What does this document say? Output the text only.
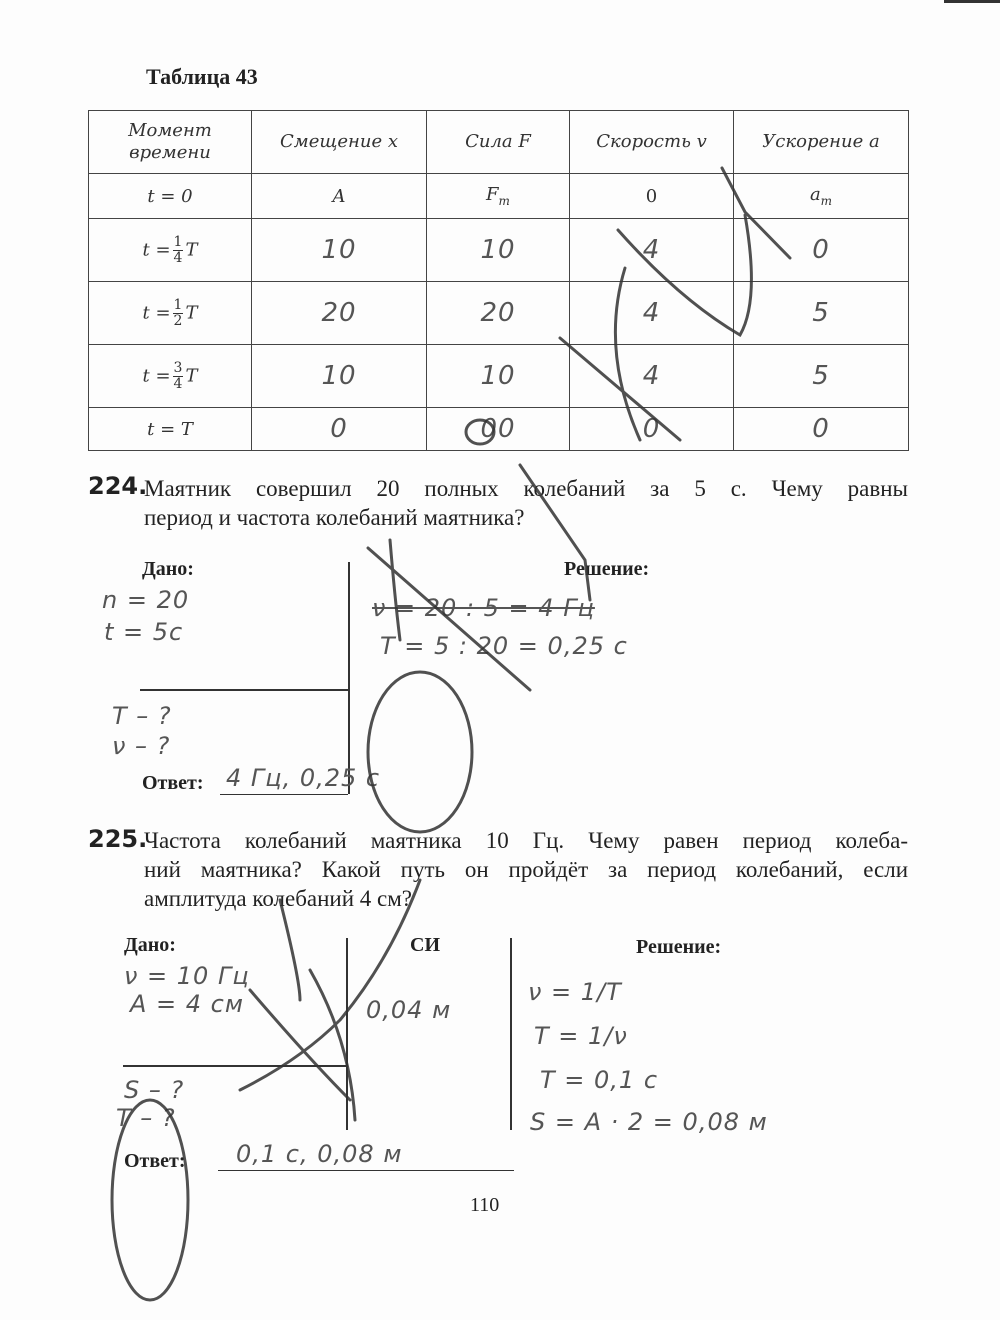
Таблица 43
Момент
времени	Смещение x	Сила F	Скорость v	Ускорение a
t = 0	A	$F_m$	0	$a_m$
$t = \frac{1}{4}$ T	10	10	4	0
$t = \frac{1}{2}$ T	20	20	4	5
$t = \frac{3}{4}$ T	10	10	4	5
t = T	0	00	0	0
224.
Маятник совершил 20 полных колебаний за 5 с. Чему равны
период и частота колебаний маятника?
Дано:	Решение:
n = 20
t = 5c
T – ?
ν – ?
ν = 20 : 5 = 4 Гц
T = 5 : 20 = 0,25 c
Ответ: 4 Гц, 0,25 c
225.
Частота колебаний маятника 10 Гц. Чему равен период колеба-
ний маятника? Какой путь он пройдёт за период колебаний, если
амплитуда колебаний 4 см?
Дано:	СИ	Решение:
ν = 10 Гц
A = 4 см	0,04 м
S – ?
T – ?
ν = 1/T
T = 1/ν
T = 0,1 c
S = A · 2 = 0,08 м
Ответ: 0,1 c, 0,08 м
110
